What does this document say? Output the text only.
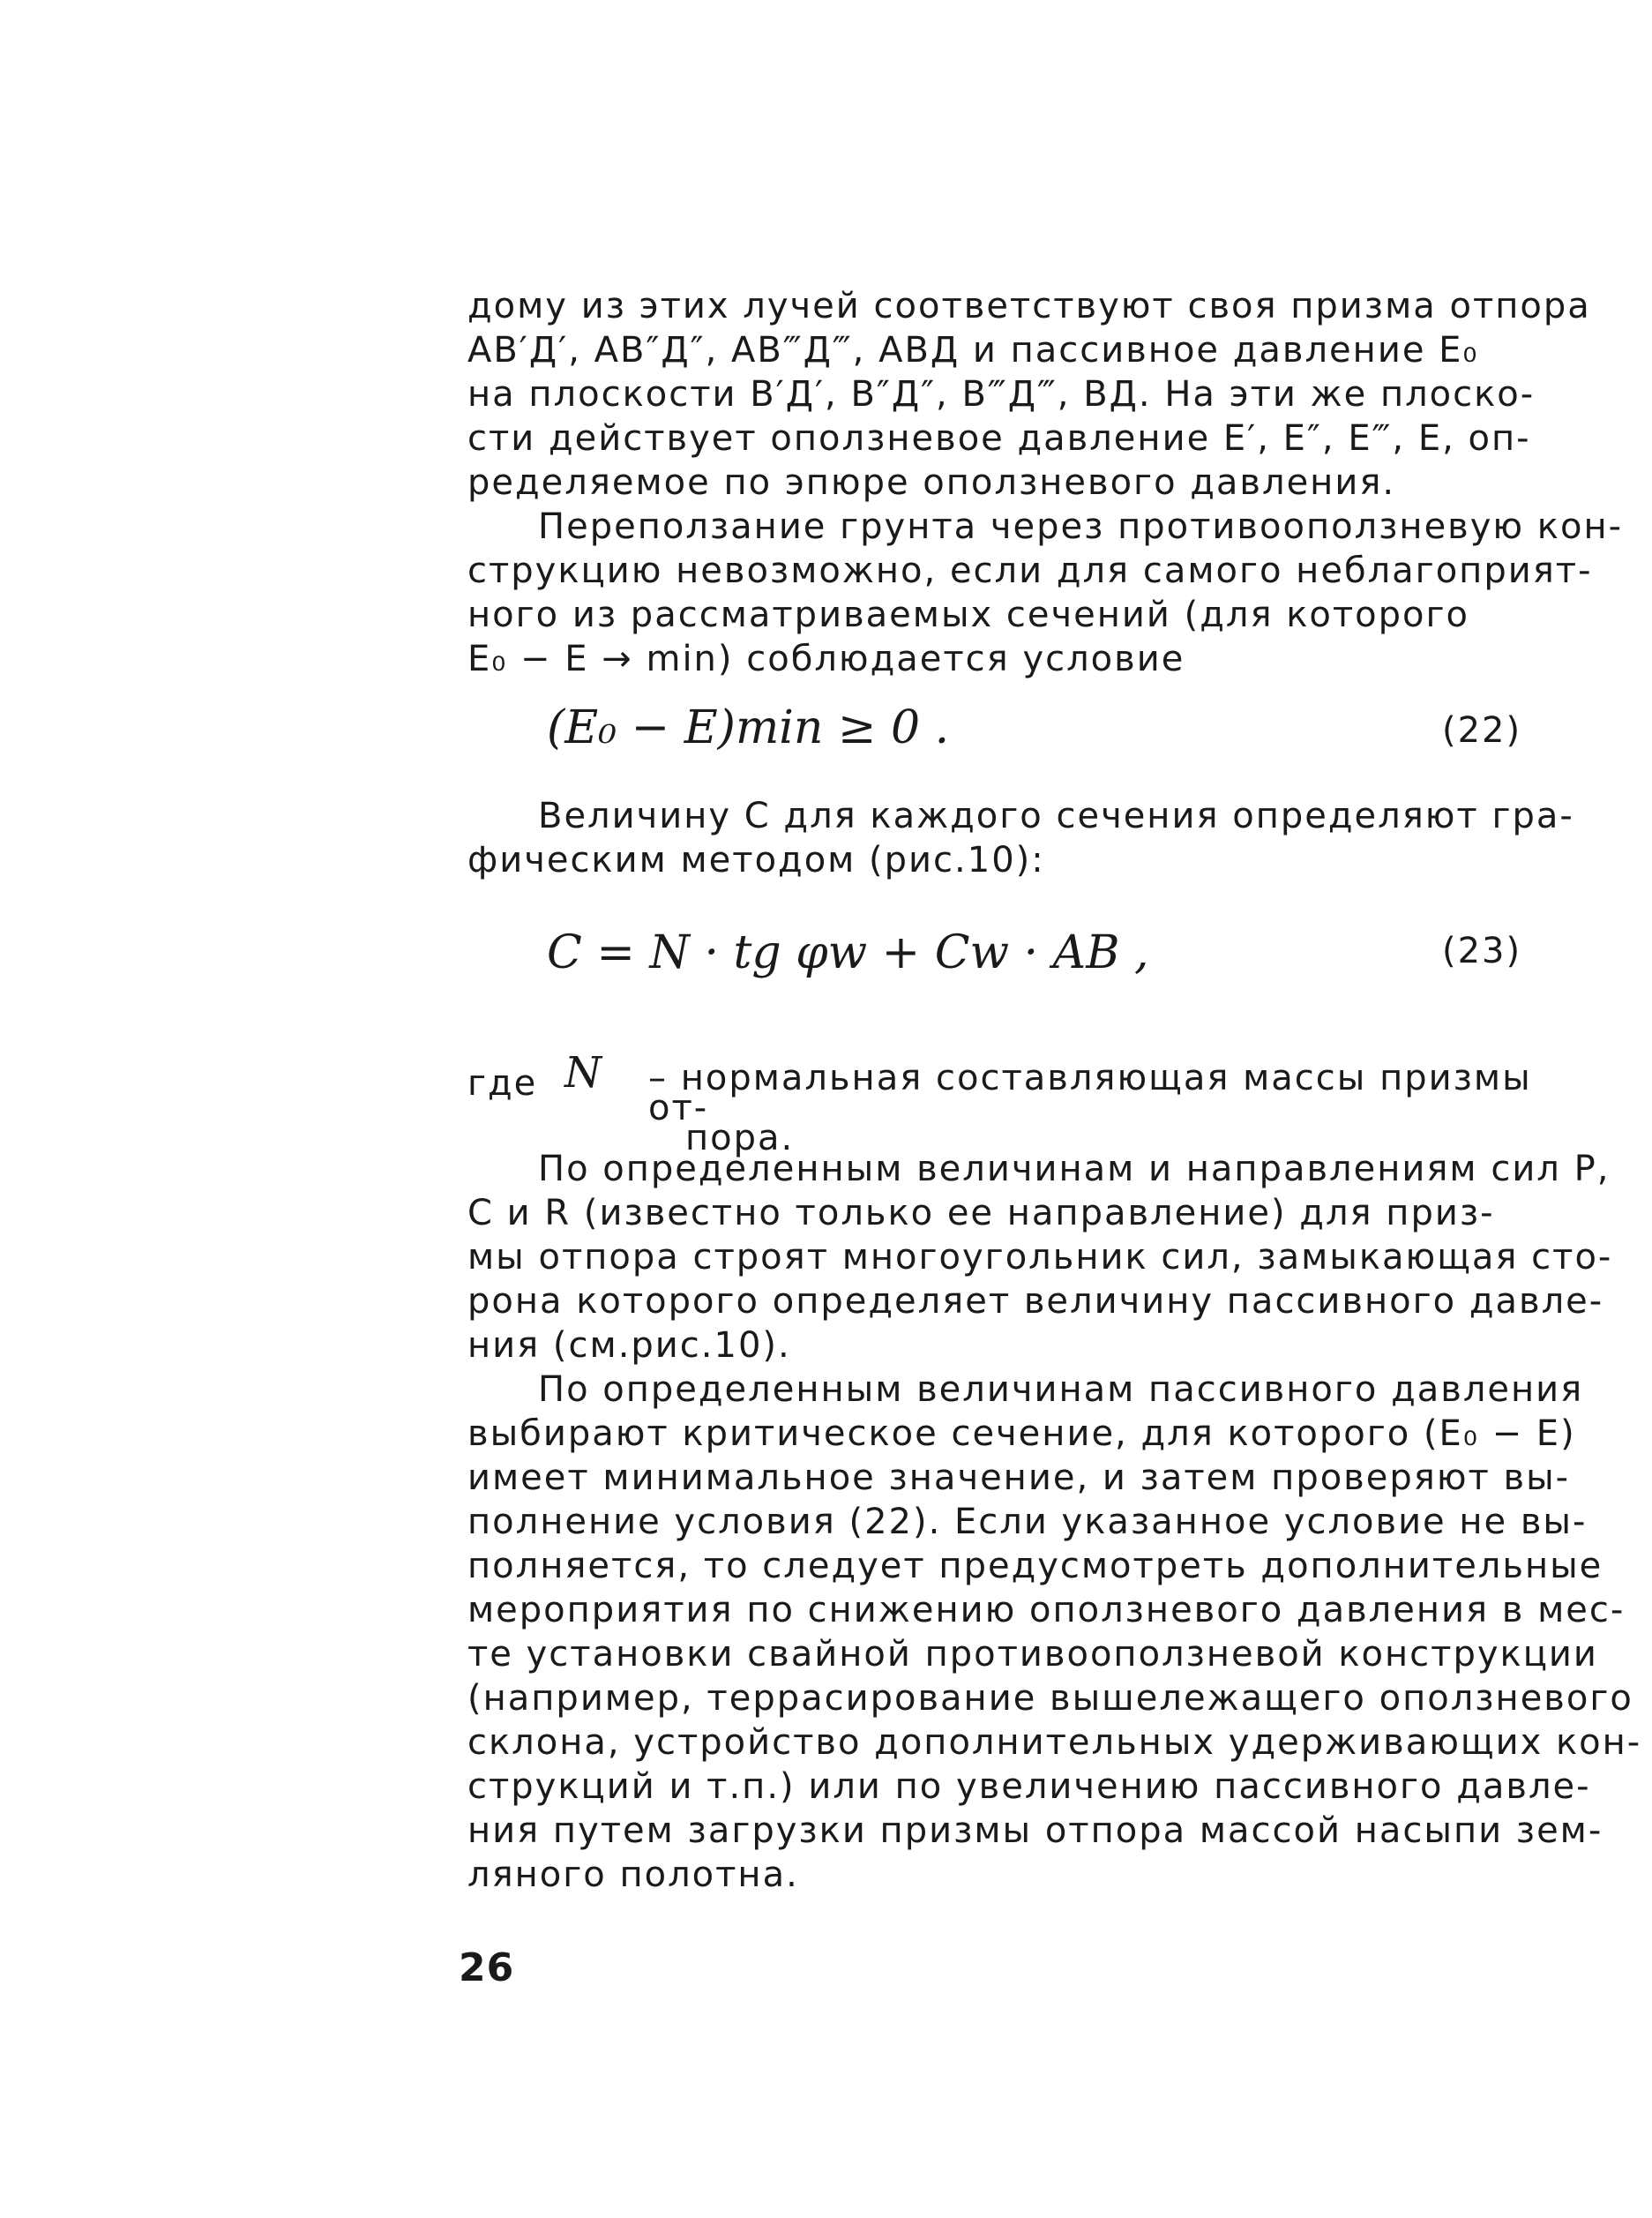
дому из этих лучей соответствуют своя призма отпора
АВ′Д′, АВ″Д″, АВ‴Д‴, АВД и пассивное давление E₀
на плоскости В′Д′, В″Д″, В‴Д‴, ВД. На эти же плоско-
сти действует оползневое давление Е′, Е″, Е‴, Е, оп-
ределяемое по эпюре оползневого давления.

Переползание грунта через противооползневую кон-
струкцию невозможно, если для самого неблагоприят-
ного из рассматриваемых сечений (для которого
E₀ − E → min) соблюдается условие

(E₀ − E)min ≥ 0 .	(22)

Величину C для каждого сечения определяют гра-
фическим методом (рис.10):

C = N · tg φw + Cw · AB ,	(23)
где N – нормальная составляющая массы призмы от-
пора.

По определенным величинам и направлениям сил P,
C и R (известно только ее направление) для приз-
мы отпора строят многоугольник сил, замыкающая сто-
рона которого определяет величину пассивного давле-
ния (см.рис.10).

По определенным величинам пассивного давления
выбирают критическое сечение, для которого (E₀ − E)
имеет минимальное значение, и затем проверяют вы-
полнение условия (22). Если указанное условие не вы-
полняется, то следует предусмотреть дополнительные
мероприятия по снижению оползневого давления в мес-
те установки свайной противооползневой конструкции
(например, террасирование вышележащего оползневого
склона, устройство дополнительных удерживающих кон-
струкций и т.п.) или по увеличению пассивного давле-
ния путем загрузки призмы отпора массой насыпи зем-
ляного полотна.

26
